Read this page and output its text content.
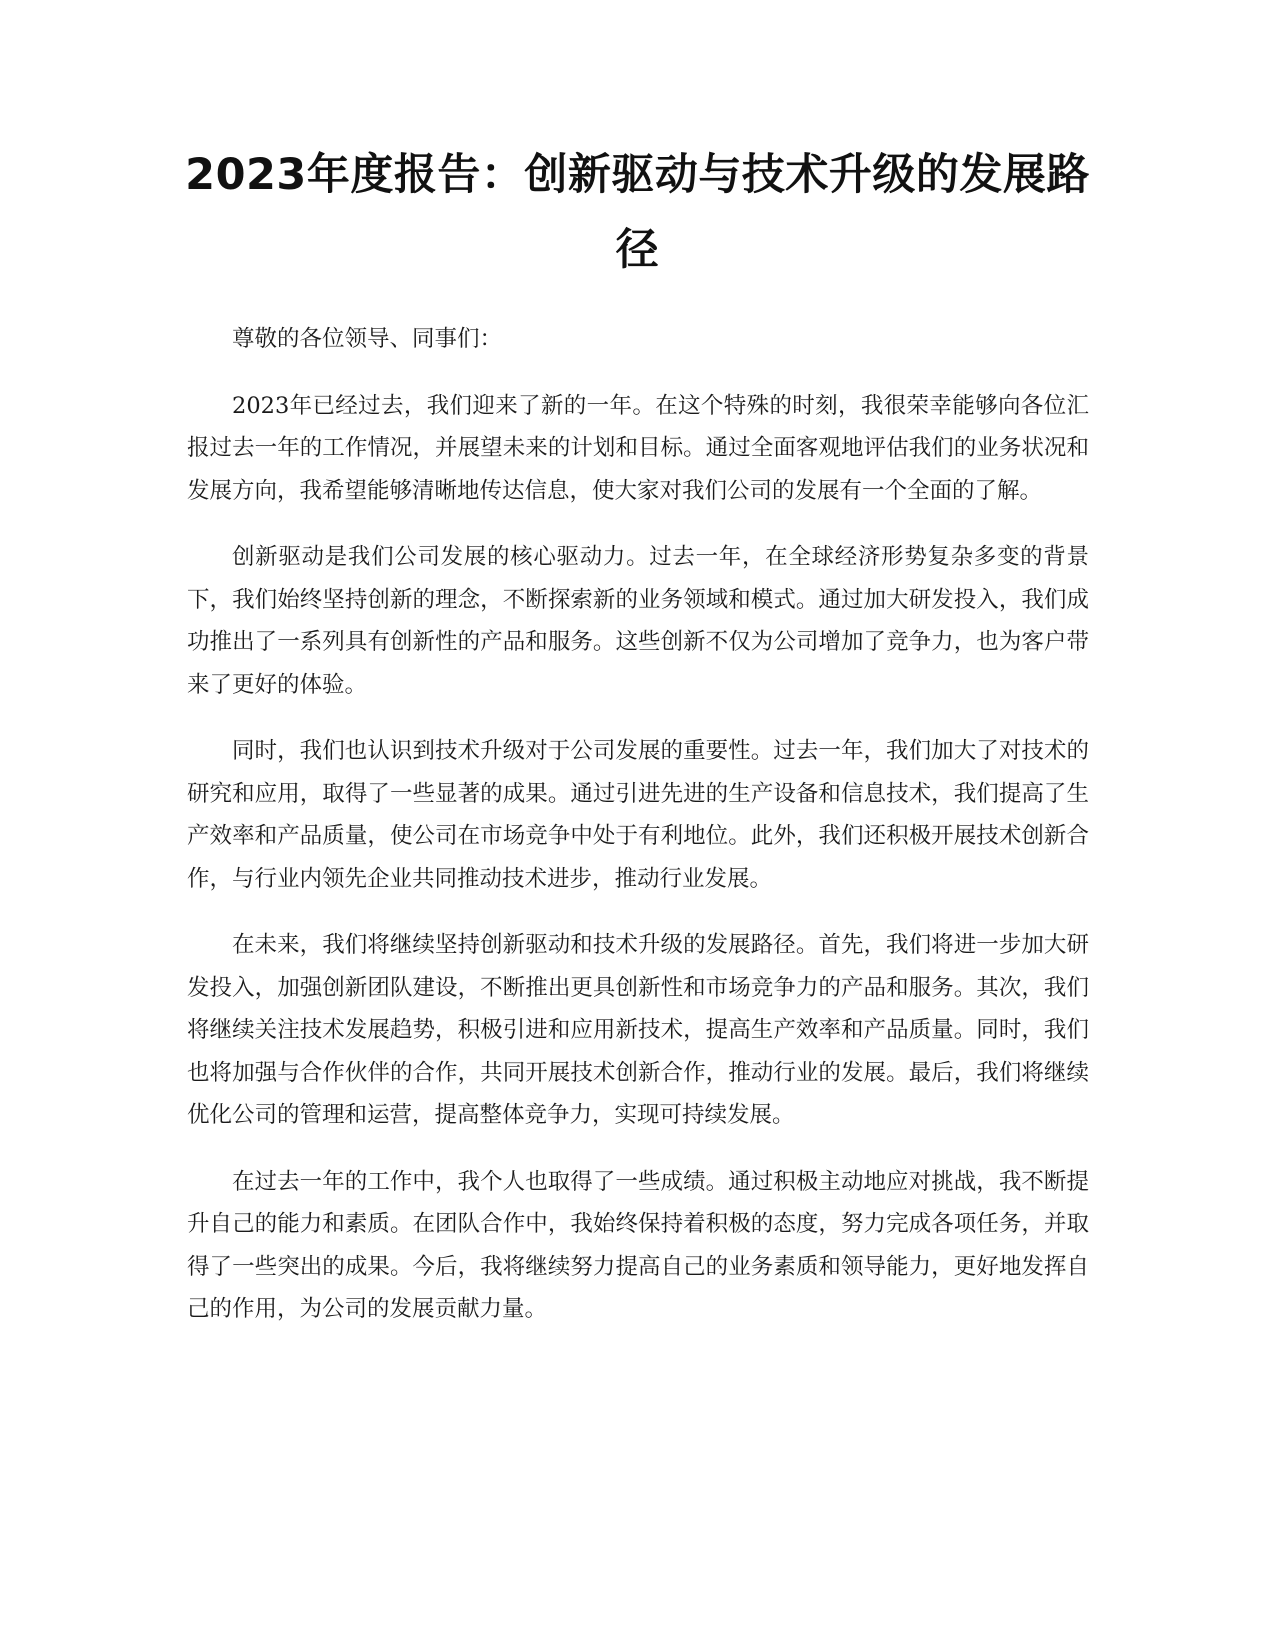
2023年度报告：创新驱动与技术升级的发展路径

尊敬的各位领导、同事们：

2023年已经过去，我们迎来了新的一年。在这个特殊的时刻，我很荣幸能够向各位汇报过去一年的工作情况，并展望未来的计划和目标。通过全面客观地评估我们的业务状况和发展方向，我希望能够清晰地传达信息，使大家对我们公司的发展有一个全面的了解。

创新驱动是我们公司发展的核心驱动力。过去一年，在全球经济形势复杂多变的背景下，我们始终坚持创新的理念，不断探索新的业务领域和模式。通过加大研发投入，我们成功推出了一系列具有创新性的产品和服务。这些创新不仅为公司增加了竞争力，也为客户带来了更好的体验。

同时，我们也认识到技术升级对于公司发展的重要性。过去一年，我们加大了对技术的研究和应用，取得了一些显著的成果。通过引进先进的生产设备和信息技术，我们提高了生产效率和产品质量，使公司在市场竞争中处于有利地位。此外，我们还积极开展技术创新合作，与行业内领先企业共同推动技术进步，推动行业发展。

在未来，我们将继续坚持创新驱动和技术升级的发展路径。首先，我们将进一步加大研发投入，加强创新团队建设，不断推出更具创新性和市场竞争力的产品和服务。其次，我们将继续关注技术发展趋势，积极引进和应用新技术，提高生产效率和产品质量。同时，我们也将加强与合作伙伴的合作，共同开展技术创新合作，推动行业的发展。最后，我们将继续优化公司的管理和运营，提高整体竞争力，实现可持续发展。

在过去一年的工作中，我个人也取得了一些成绩。通过积极主动地应对挑战，我不断提升自己的能力和素质。在团队合作中，我始终保持着积极的态度，努力完成各项任务，并取得了一些突出的成果。今后，我将继续努力提高自己的业务素质和领导能力，更好地发挥自己的作用，为公司的发展贡献力量。
